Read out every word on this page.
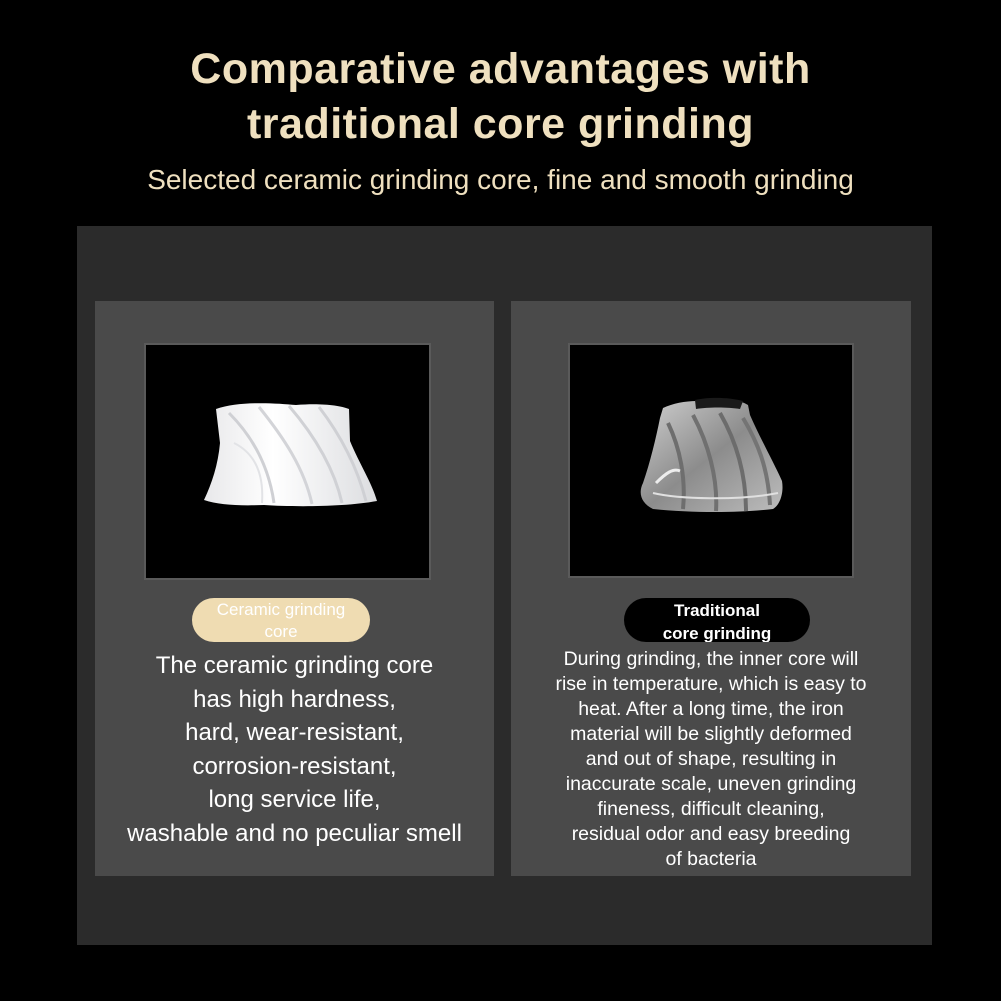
Comparative advantages with
traditional core grinding
Selected ceramic grinding core, fine and smooth grinding
Ceramic grinding
core
The ceramic grinding core
has high hardness,
hard, wear-resistant,
corrosion-resistant,
long service life,
washable and no peculiar smell
Traditional
core grinding
During grinding, the inner core will
rise in temperature, which is easy to
heat. After a long time, the iron
material will be slightly deformed
and out of shape, resulting in
inaccurate scale, uneven grinding
fineness, difficult cleaning,
residual odor and easy breeding
of bacteria
